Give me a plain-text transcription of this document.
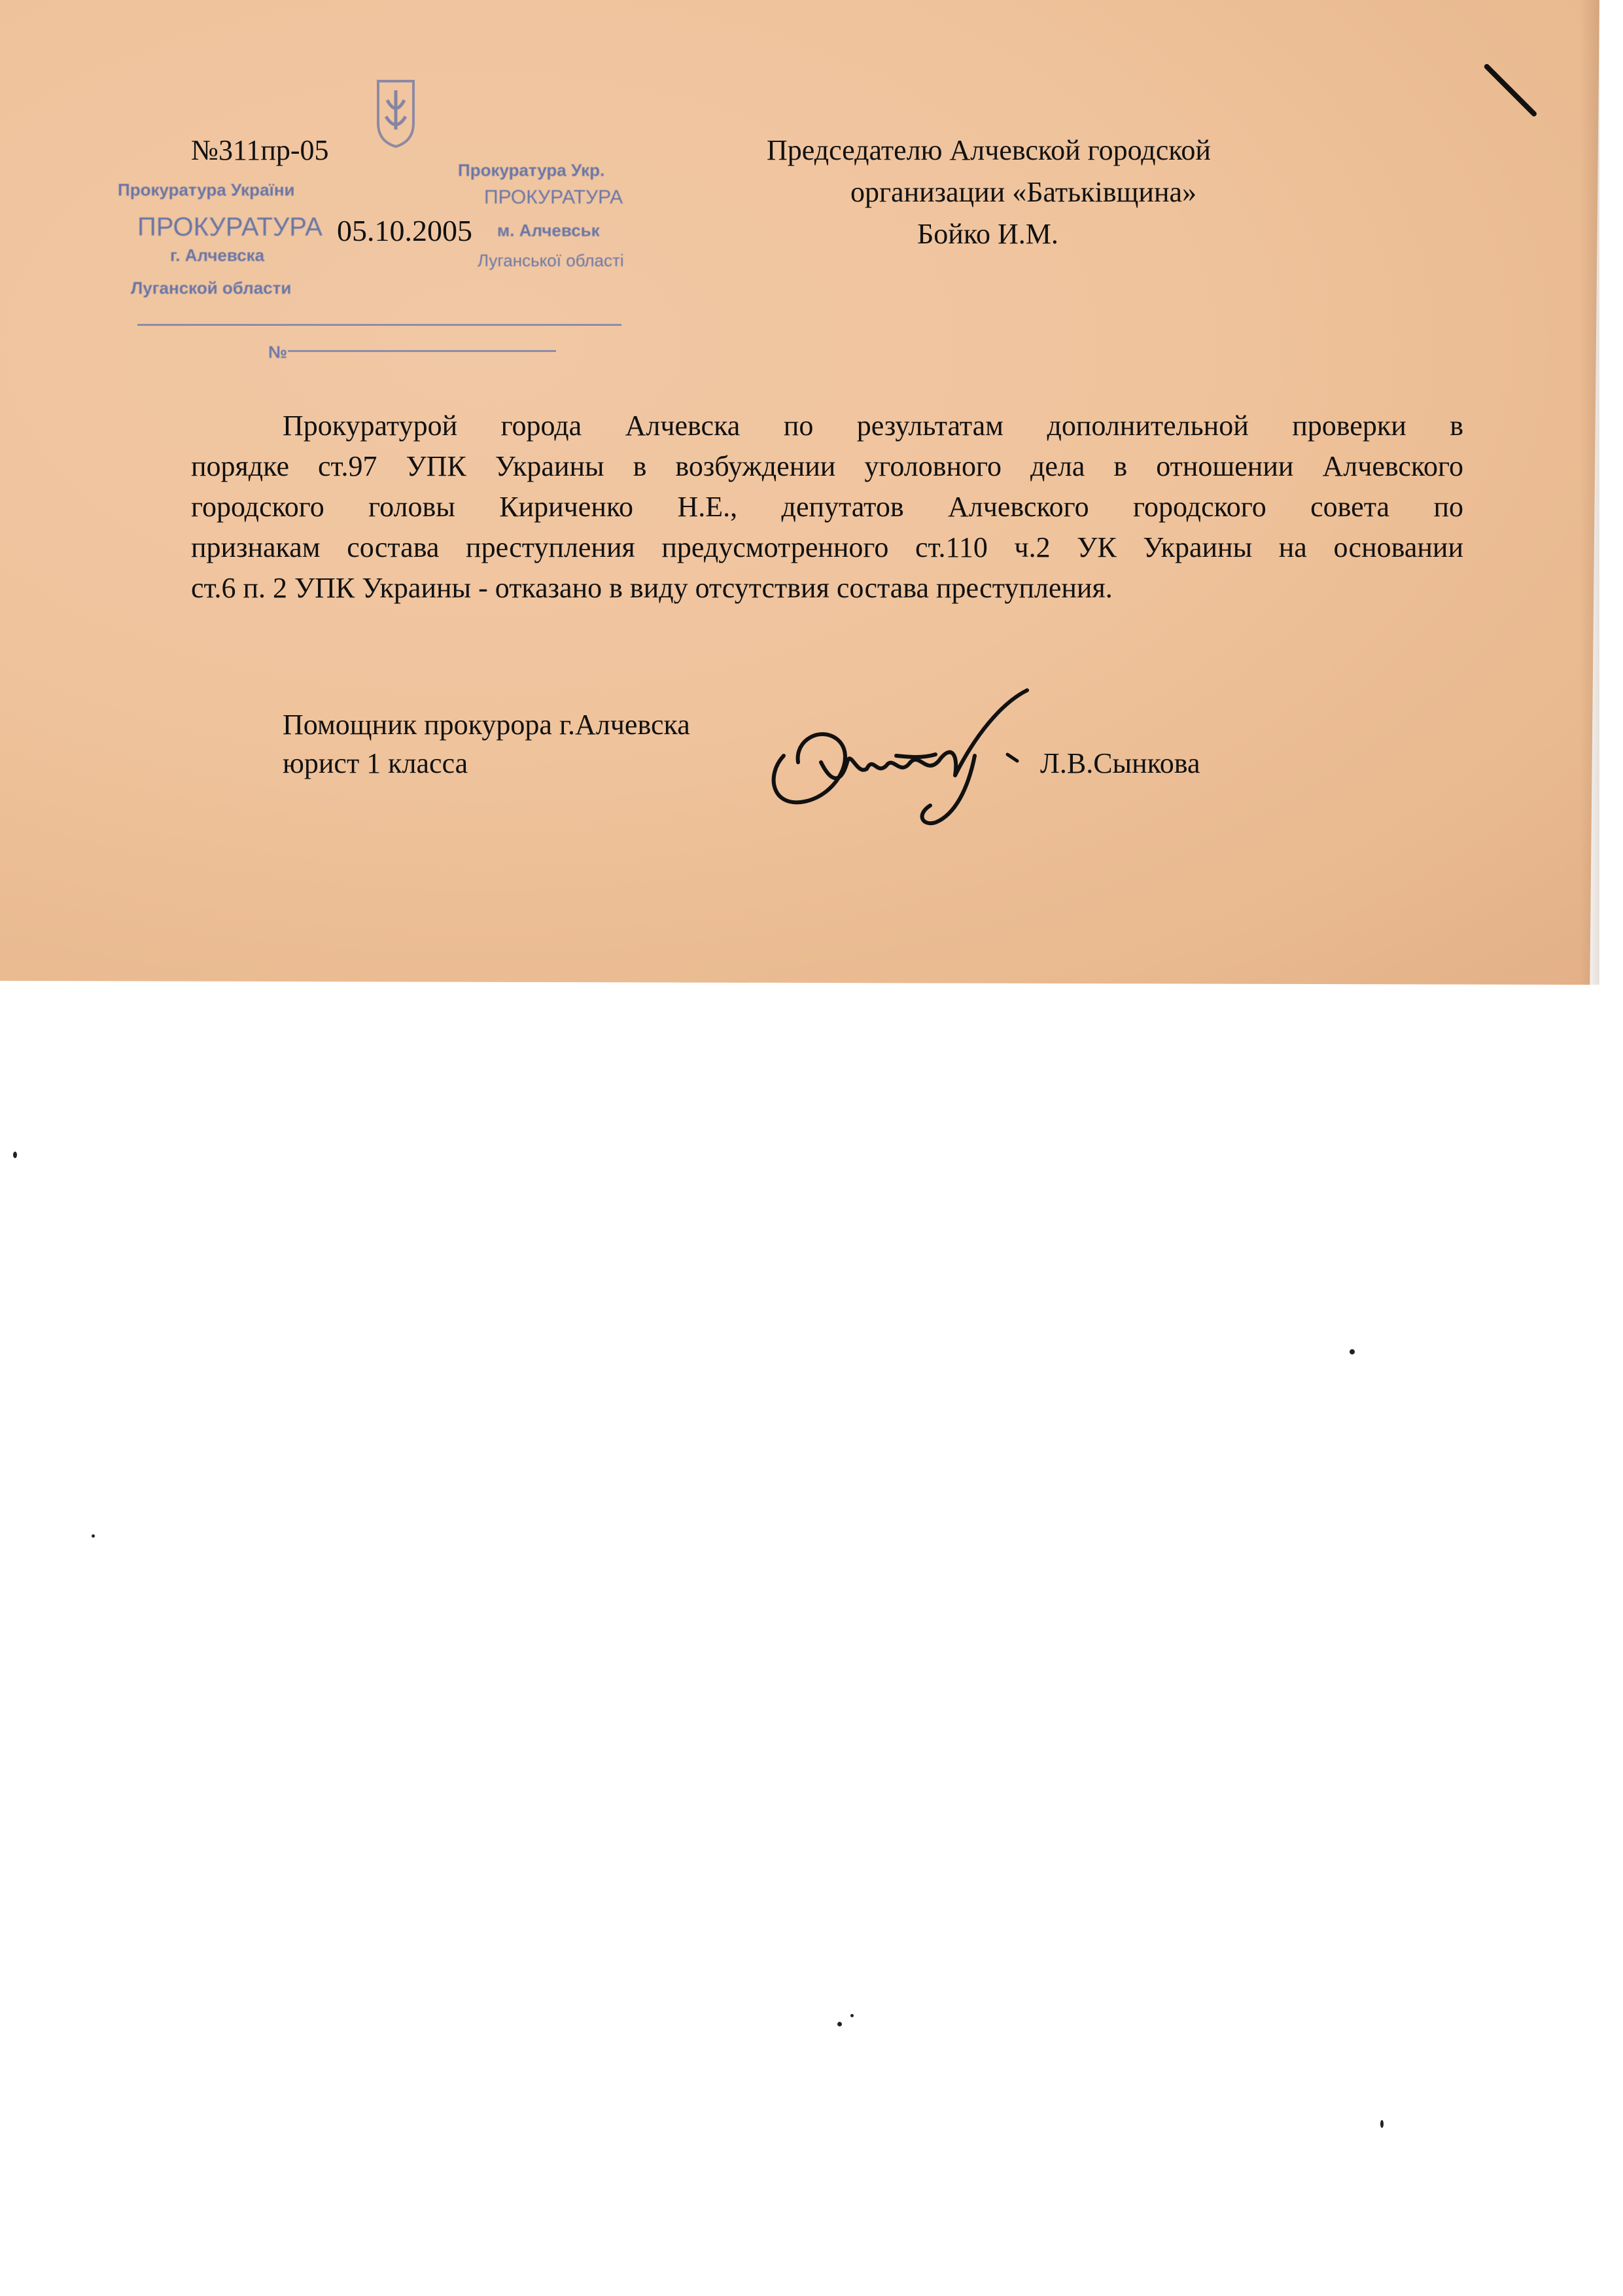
№311пр-05
Прокуратура України
ПРОКУРАТУРА
г. Алчевска
Луганской области
№
05.10.2005
Прокуратура Укр.
ПРОКУРАТУРА
м. Алчевськ
Луганської області
Председателю Алчевской городской
организации «Батьківщина»
Бойко И.М.
Прокуратурой города Алчевска по результатам дополнительной проверки в
порядке ст.97 УПК Украины в возбуждении уголовного дела в отношении Алчевского
городского головы Кириченко Н.Е., депутатов Алчевского городского совета по
признакам состава преступления предусмотренного ст.110 ч.2 УК Украины на основании
ст.6 п. 2 УПК Украины - отказано в виду отсутствия состава преступления.
Помощник прокурора г.Алчевска
юрист 1 класса	Л.В.Сынкова
